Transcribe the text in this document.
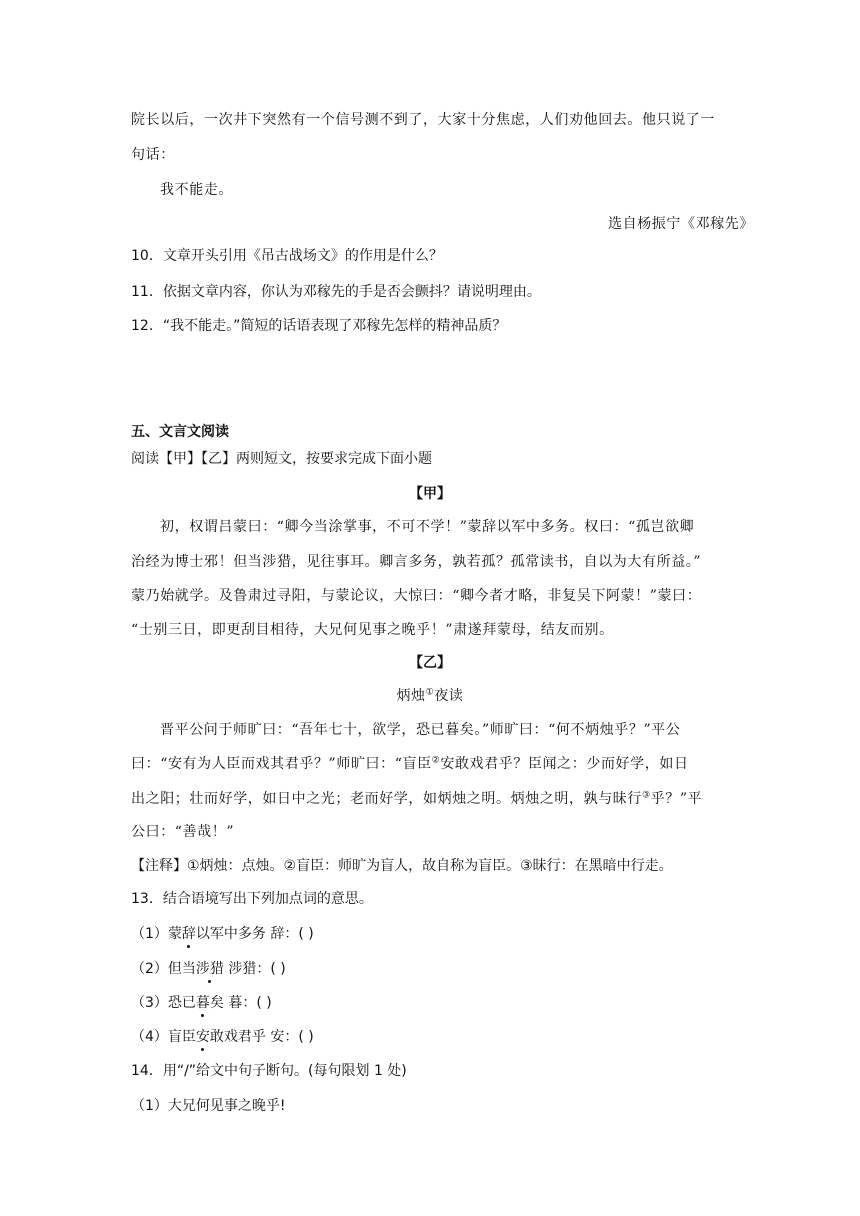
院长以后，一次井下突然有一个信号测不到了，大家十分焦虑，人们劝他回去。他只说了一
句话：
我不能走。
选自杨振宁《邓稼先》
10．文章开头引用《吊古战场文》的作用是什么？
11．依据文章内容，你认为邓稼先的手是否会颤抖？请说明理由。
12．“我不能走。”简短的话语表现了邓稼先怎样的精神品质？
五、文言文阅读
阅读【甲】【乙】两则短文，按要求完成下面小题
【甲】
初，权谓吕蒙曰：“卿今当涂掌事，不可不学！”蒙辞以军中多务。权曰：“孤岂欲卿
治经为博士邪！但当涉猎，见往事耳。卿言多务，孰若孤？孤常读书，自以为大有所益。”
蒙乃始就学。及鲁肃过寻阳，与蒙论议，大惊曰：“卿今者才略，非复吴下阿蒙！”蒙曰：
“士别三日，即更刮目相待，大兄何见事之晚乎！”肃遂拜蒙母，结友而别。
【乙】
炳烛①夜读
晋平公问于师旷曰：“吾年七十，欲学，恐已暮矣。”师旷曰：“何不炳烛乎？”平公
曰：“安有为人臣而戏其君乎？”师旷曰：“盲臣②安敢戏君乎？臣闻之：少而好学，如日
出之阳；壮而好学，如日中之光；老而好学，如炳烛之明。炳烛之明，孰与昧行③乎？”平
公曰：“善哉！”
【注释】①炳烛：点烛。②盲臣：师旷为盲人，故自称为盲臣。③昧行：在黑暗中行走。
13．结合语境写出下列加点词的意思。
（1）蒙辞以军中多务 辞：( )
（2）但当涉猎 涉猎：( )
（3）恐已暮矣 暮：( )
（4）盲臣安敢戏君乎 安：( )
14．用“/”给文中句子断句。(每句限划 1 处)
（1）大兄何见事之晚乎!
